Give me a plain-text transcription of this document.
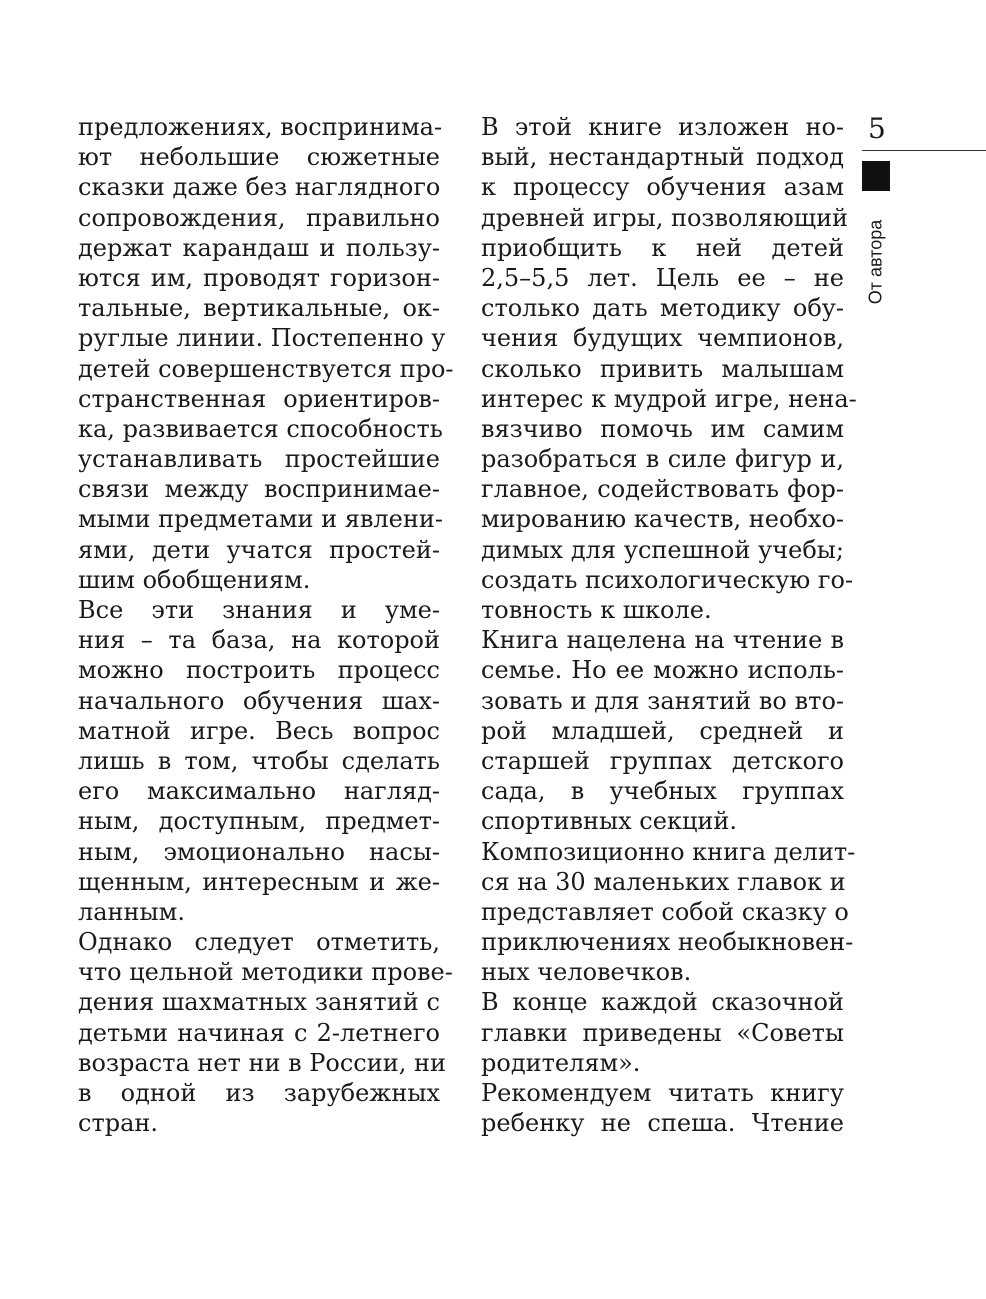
5
От автора
предложениях, воспринима-
ют небольшие сюжетные
сказки даже без наглядного
сопровождения, правильно
держат карандаш и пользу-
ются им, проводят горизон-
тальные, вертикальные, ок-
руглые линии. Постепенно у
детей совершенствуется про-
странственная ориентиров-
ка, развивается способность
устанавливать простейшие
связи между воспринимае-
мыми предметами и явлени-
ями, дети учатся простей-
шим обобщениям.
Все эти знания и уме-
ния – та база, на которой
можно построить процесс
начального обучения шах-
матной игре. Весь вопрос
лишь в том, чтобы сделать
его максимально нагляд-
ным, доступным, предмет-
ным, эмоционально насы-
щенным, интересным и же-
ланным.
Однако следует отметить,
что цельной методики прове-
дения шахматных занятий с
детьми начиная с 2-летнего
возраста нет ни в России, ни
в одной из зарубежных
стран.
В этой книге изложен но-
вый, нестандартный подход
к процессу обучения азам
древней игры, позволяющий
приобщить к ней детей
2,5–5,5 лет. Цель ее – не
столько дать методику обу-
чения будущих чемпионов,
сколько привить малышам
интерес к мудрой игре, нена-
вязчиво помочь им самим
разобраться в силе фигур и,
главное, содействовать фор-
мированию качеств, необхо-
димых для успешной учебы;
создать психологическую го-
товность к школе.
Книга нацелена на чтение в
семье. Но ее можно исполь-
зовать и для занятий во вто-
рой младшей, средней и
старшей группах детского
сада, в учебных группах
спортивных секций.
Композиционно книга делит-
ся на 30 маленьких главок и
представляет собой сказку о
приключениях необыкновен-
ных человечков.
В конце каждой сказочной
главки приведены «Советы
родителям».
Рекомендуем читать книгу
ребенку не спеша. Чтение
